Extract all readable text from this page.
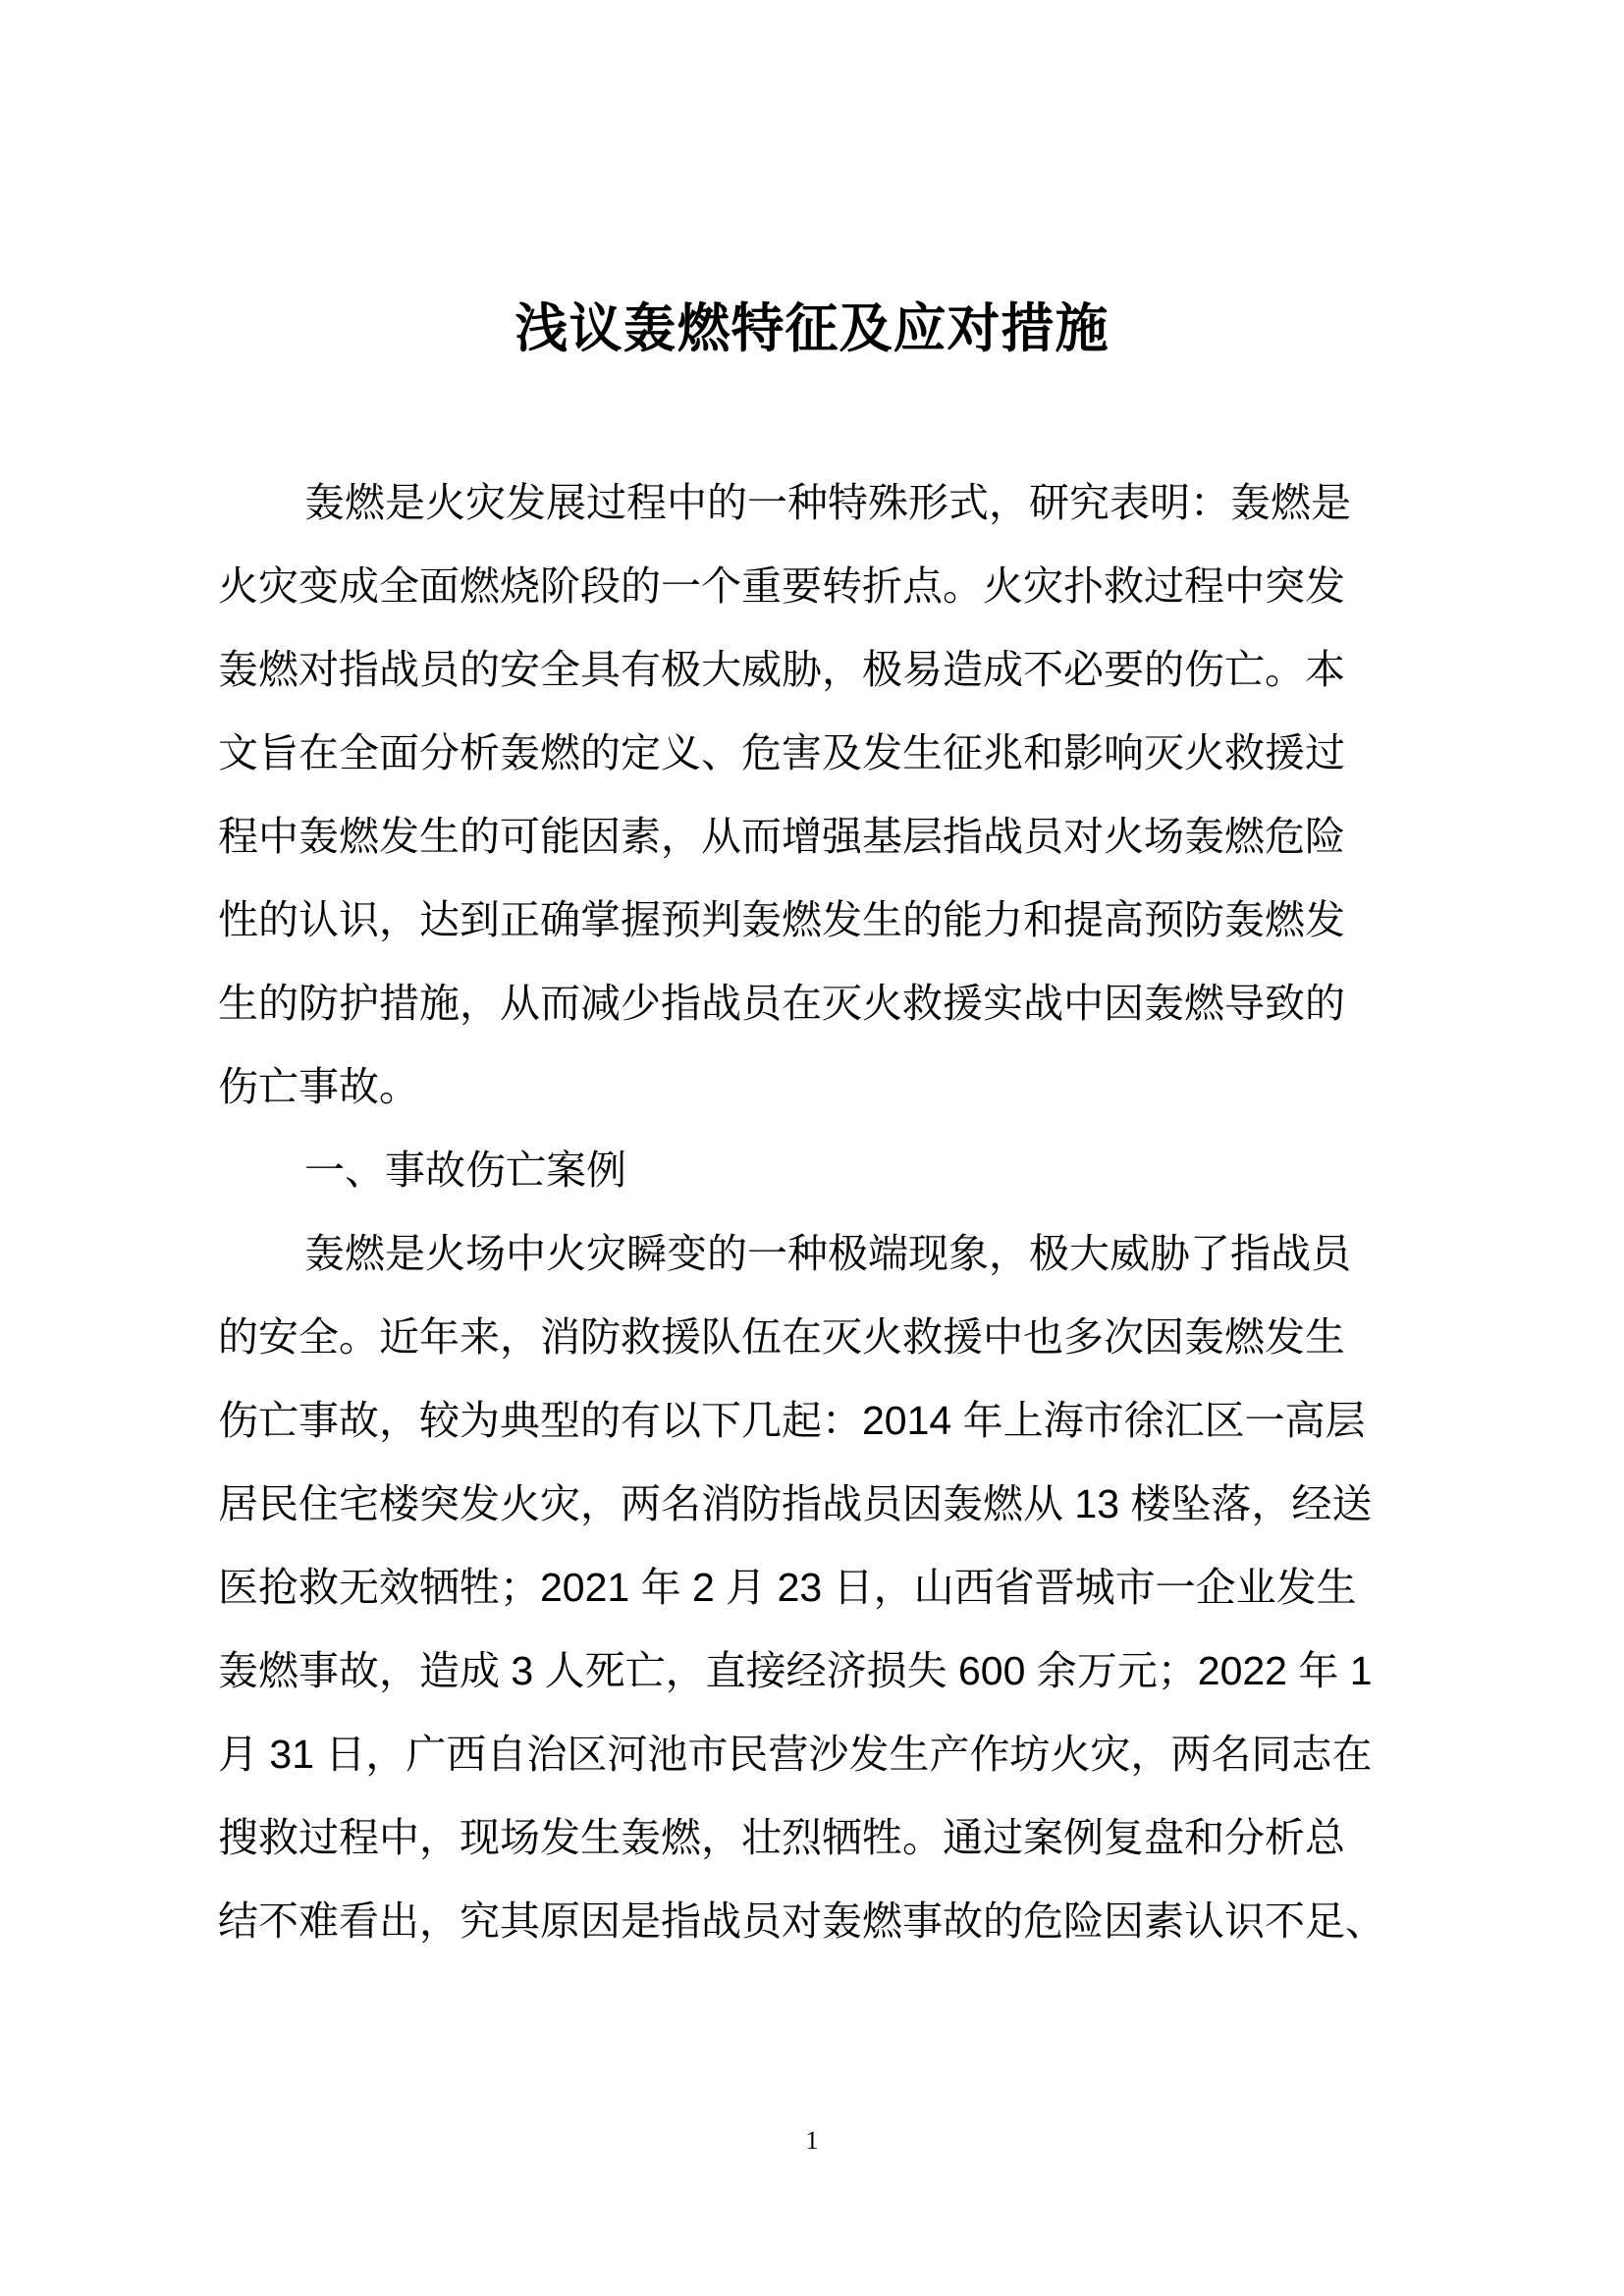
浅议轰燃特征及应对措施
轰燃是火灾发展过程中的一种特殊形式，研究表明：轰燃是
火灾变成全面燃烧阶段的一个重要转折点。火灾扑救过程中突发
轰燃对指战员的安全具有极大威胁，极易造成不必要的伤亡。本
文旨在全面分析轰燃的定义、危害及发生征兆和影响灭火救援过
程中轰燃发生的可能因素，从而增强基层指战员对火场轰燃危险
性的认识，达到正确掌握预判轰燃发生的能力和提高预防轰燃发
生的防护措施，从而减少指战员在灭火救援实战中因轰燃导致的
伤亡事故。
一、事故伤亡案例
轰燃是火场中火灾瞬变的一种极端现象，极大威胁了指战员
的安全。近年来，消防救援队伍在灭火救援中也多次因轰燃发生
伤亡事故，较为典型的有以下几起：2014 年上海市徐汇区一高层
居民住宅楼突发火灾，两名消防指战员因轰燃从 13 楼坠落，经送
医抢救无效牺牲；2021 年 2 月 23 日，山西省晋城市一企业发生
轰燃事故，造成 3 人死亡，直接经济损失 600 余万元；2022 年 1
月 31 日，广西自治区河池市民营沙发生产作坊火灾，两名同志在
搜救过程中，现场发生轰燃，壮烈牺牲。通过案例复盘和分析总
结不难看出，究其原因是指战员对轰燃事故的危险因素认识不足、
1
